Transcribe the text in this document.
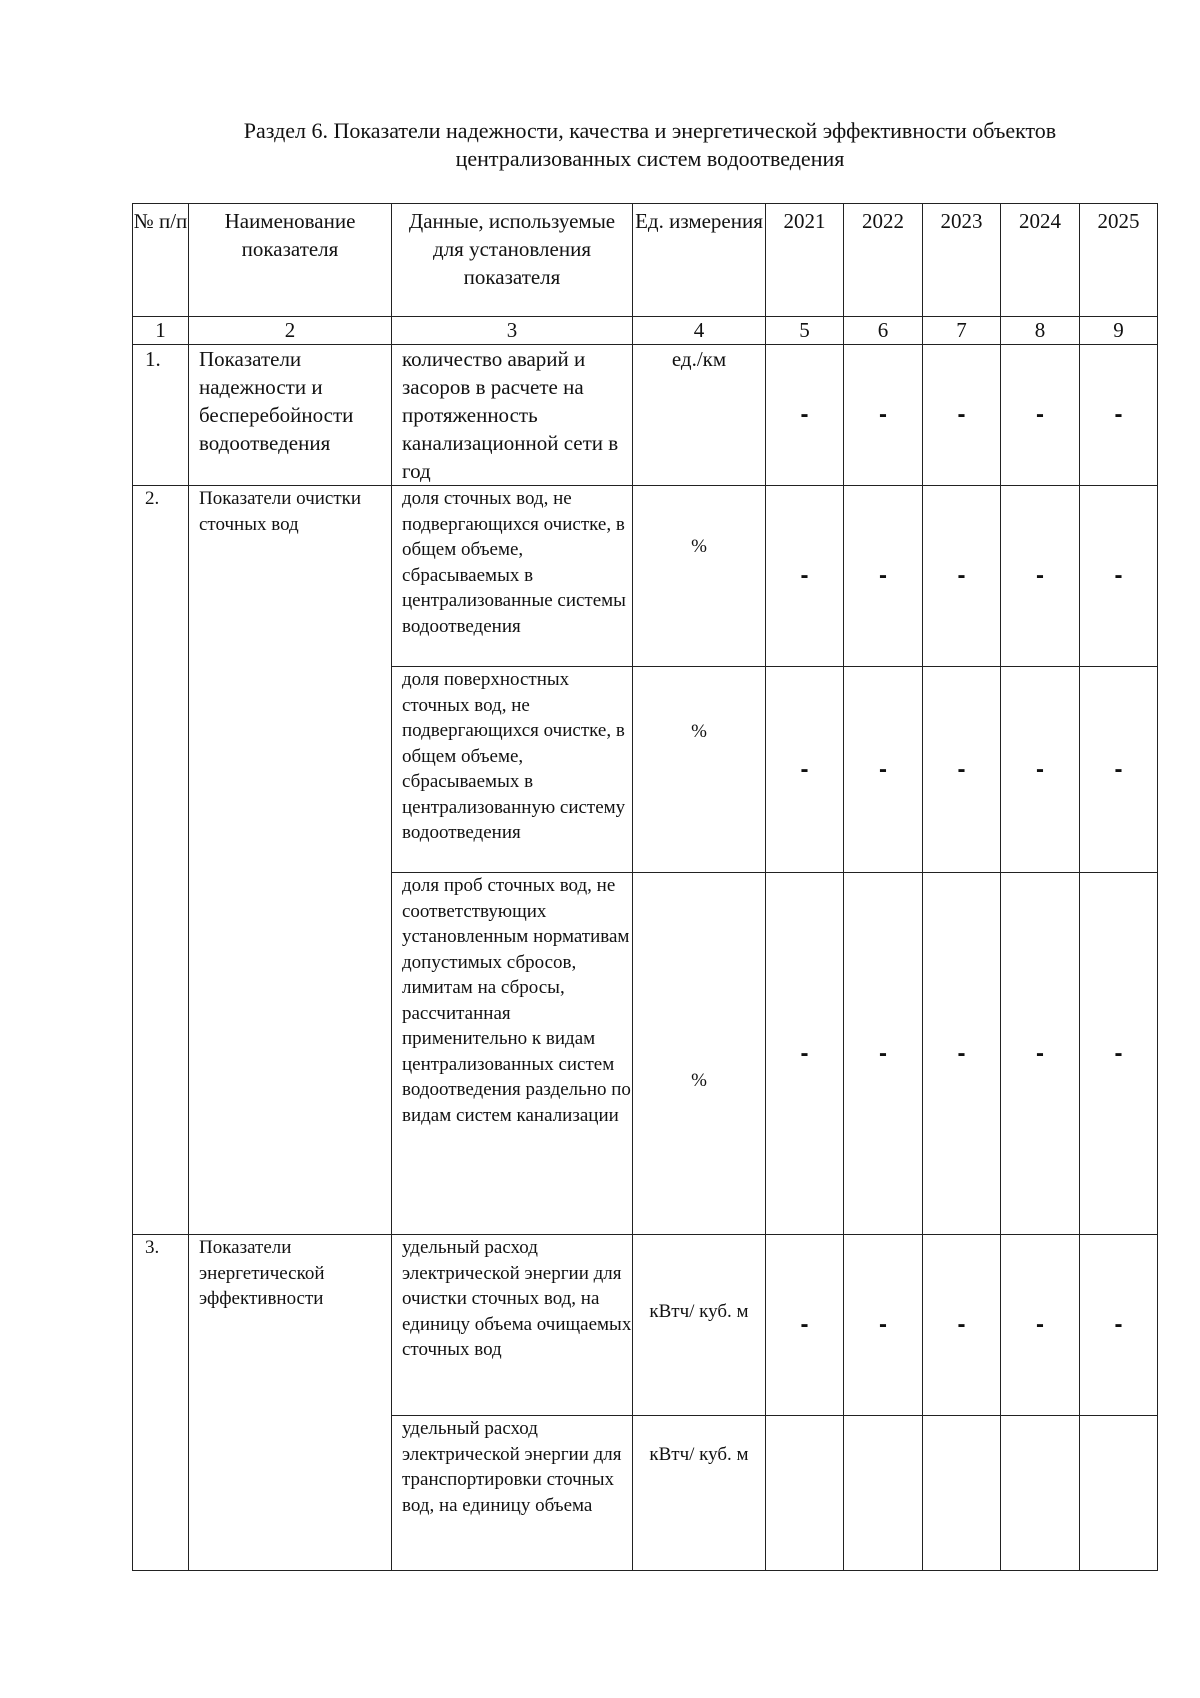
Раздел 6. Показатели надежности, качества и энергетической эффективности объектов
централизованных систем водоотведения
№ п/п	Наименование показателя	Данные, используемые для установления показателя	Ед. измерения	2021	2022	2023	2024	2025
1	2	3	4	5	6	7	8	9
1.	Показатели надежности и бесперебойности водоотведения	количество аварий и засоров в расчете на протяженность канализационной сети в год	ед./км	-	-	-	-	-
2.	Показатели очистки сточных вод	доля сточных вод, не подвергающихся очистке, в общем объеме, сбрасываемых в централизованные системы водоотведения	%	-	-	-	-	-
		доля поверхностных сточных вод, не подвергающихся очистке, в общем объеме, сбрасываемых в централизованную систему водоотведения	%	-	-	-	-	-
		доля проб сточных вод, не соответствующих установленным нормативам допустимых сбросов, лимитам на сбросы, рассчитанная применительно к видам централизованных систем водоотведения раздельно по видам систем канализации	%	-	-	-	-	-
3.	Показатели энергетической эффективности	удельный расход электрической энергии для очистки сточных вод, на единицу объема очищаемых сточных вод	кВтч/ куб. м	-	-	-	-	-
		удельный расход электрической энергии для транспортировки сточных вод, на единицу объема	кВтч/ куб. м					
